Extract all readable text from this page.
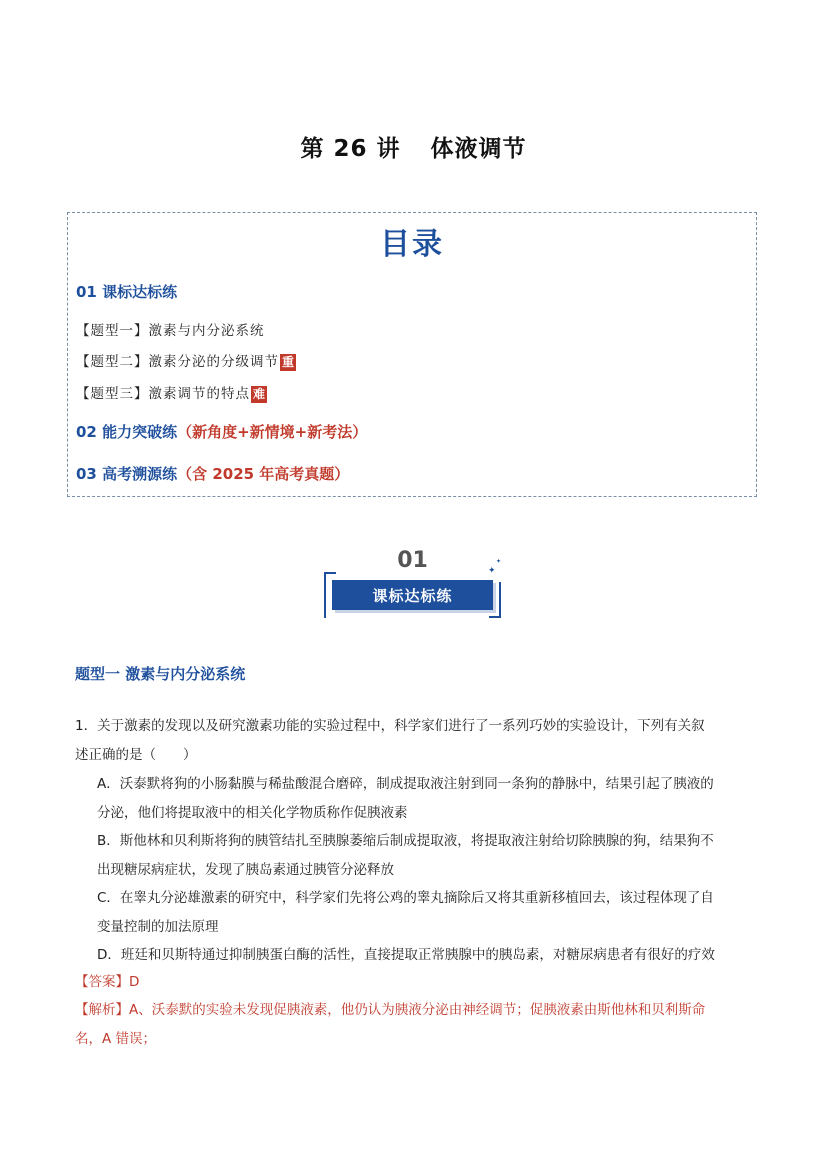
第 26 讲 体液调节
目录
01 课标达标练
【题型一】激素与内分泌系统
【题型二】激素分泌的分级调节 重
【题型三】激素调节的特点 难
02 能力突破练（新角度+新情境+新考法）
03 高考溯源练（含 2025 年高考真题）
01
课标达标练
✦
✦
题型一 激素与内分泌系统
1．关于激素的发现以及研究激素功能的实验过程中，科学家们进行了一系列巧妙的实验设计，下列有关叙
述正确的是（　　）
A．沃泰默将狗的小肠黏膜与稀盐酸混合磨碎，制成提取液注射到同一条狗的静脉中，结果引起了胰液的
分泌，他们将提取液中的相关化学物质称作促胰液素
B．斯他林和贝利斯将狗的胰管结扎至胰腺萎缩后制成提取液，将提取液注射给切除胰腺的狗，结果狗不
出现糖尿病症状，发现了胰岛素通过胰管分泌释放
C．在睾丸分泌雄激素的研究中，科学家们先将公鸡的睾丸摘除后又将其重新移植回去，该过程体现了自
变量控制的加法原理
D．班廷和贝斯特通过抑制胰蛋白酶的活性，直接提取正常胰腺中的胰岛素，对糖尿病患者有很好的疗效
【答案】D
【解析】A、沃泰默的实验未发现促胰液素，他仍认为胰液分泌由神经调节；促胰液素由斯他林和贝利斯命
名，A 错误；
